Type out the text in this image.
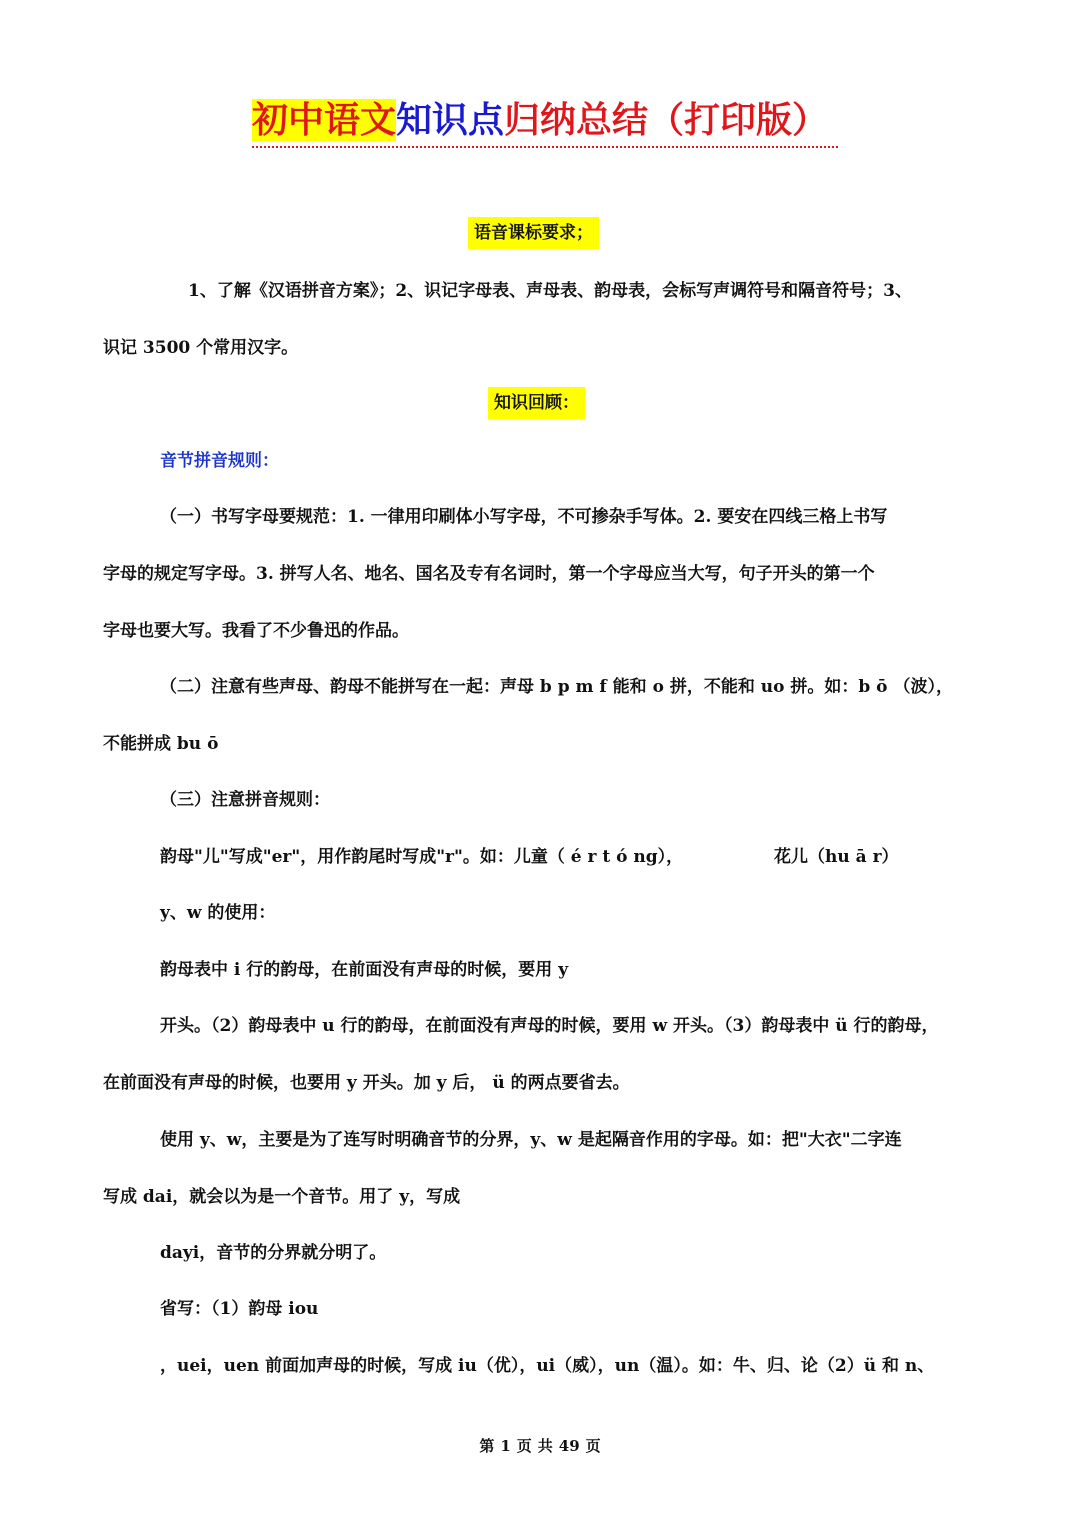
初中语文知识点归纳总结（打印版）
语音课标要求；
1、了解《汉语拼音方案》；2、识记字母表、声母表、韵母表，会标写声调符号和隔音符号；3、
识记 3500 个常用汉字。
知识回顾：
音节拼音规则：
（一）书写字母要规范：1. 一律用印刷体小写字母，不可掺杂手写体。2. 要安在四线三格上书写
字母的规定写字母。3. 拼写人名、地名、国名及专有名词时，第一个字母应当大写，句子开头的第一个
字母也要大写。我看了不少鲁迅的作品。
（二）注意有些声母、韵母不能拼写在一起：声母 b p m f 能和 o 拼，不能和 uo 拼。如：b ō （波），
不能拼成 bu ō
（三）注意拼音规则：
韵母"儿"写成"er"，用作韵尾时写成"r"。如：儿童（ é r t ó ng），	花儿（hu ā r）
y、w 的使用：
韵母表中 i 行的韵母，在前面没有声母的时候，要用 y
开头。（2）韵母表中 u 行的韵母，在前面没有声母的时候，要用 w 开头。（3）韵母表中 ü 行的韵母，
在前面没有声母的时候，也要用 y 开头。加 y 后， ü 的两点要省去。
使用 y、w，主要是为了连写时明确音节的分界，y、w 是起隔音作用的字母。如：把"大衣"二字连
写成 dai，就会以为是一个音节。用了 y，写成
dayi，音节的分界就分明了。
省写：（1）韵母 iou
，uei，uen 前面加声母的时候，写成 iu（优），ui（威），un（温）。如：牛、归、论（2）ü 和 n、
第 1 页 共 49 页
